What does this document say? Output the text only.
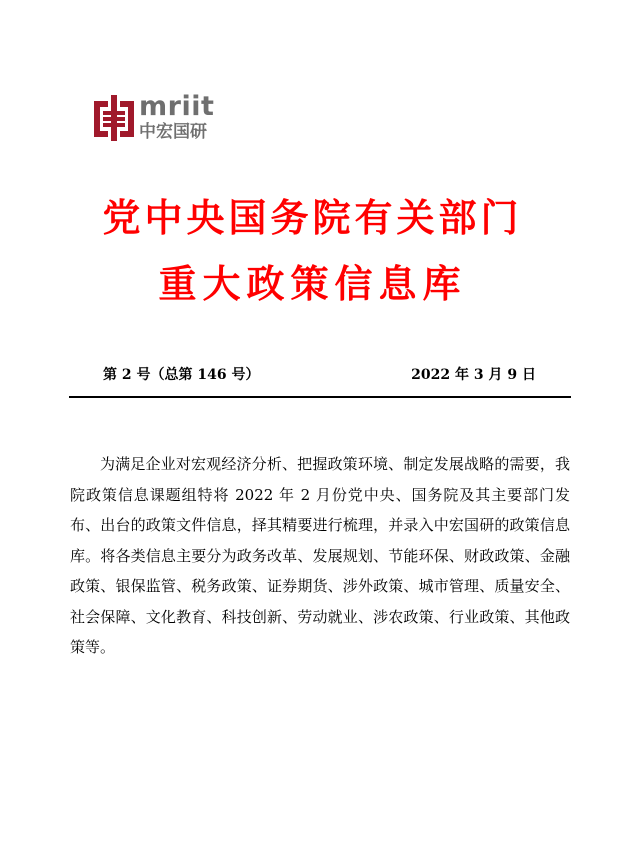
mriit
中宏国研
党中央国务院有关部门
重大政策信息库
第 2 号（总第 146 号）	2022 年 3 月 9 日

为满足企业对宏观经济分析、把握政策环境、制定发展战略的需要，我院政策信息课题组特将 2022 年 2 月份党中央、国务院及其主要部门发布、出台的政策文件信息，择其精要进行梳理，并录入中宏国研的政策信息库。将各类信息主要分为政务改革、发展规划、节能环保、财政政策、金融政策、银保监管、税务政策、证券期货、涉外政策、城市管理、质量安全、社会保障、文化教育、科技创新、劳动就业、涉农政策、行业政策、其他政策等。
